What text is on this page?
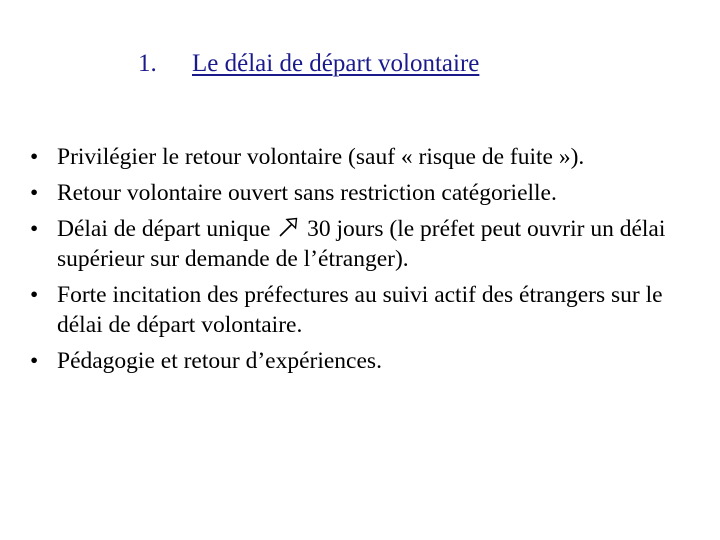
1.	Le délai de départ volontaire
• Privilégier le retour volontaire (sauf « risque de fuite »).
• Retour volontaire ouvert sans restriction catégorielle.
• Délai de départ unique 30 jours (le préfet peut ouvrir un délai supérieur sur demande de l’étranger).
• Forte incitation des préfectures au suivi actif des étrangers sur le délai de départ volontaire.
• Pédagogie et retour d’expériences.
